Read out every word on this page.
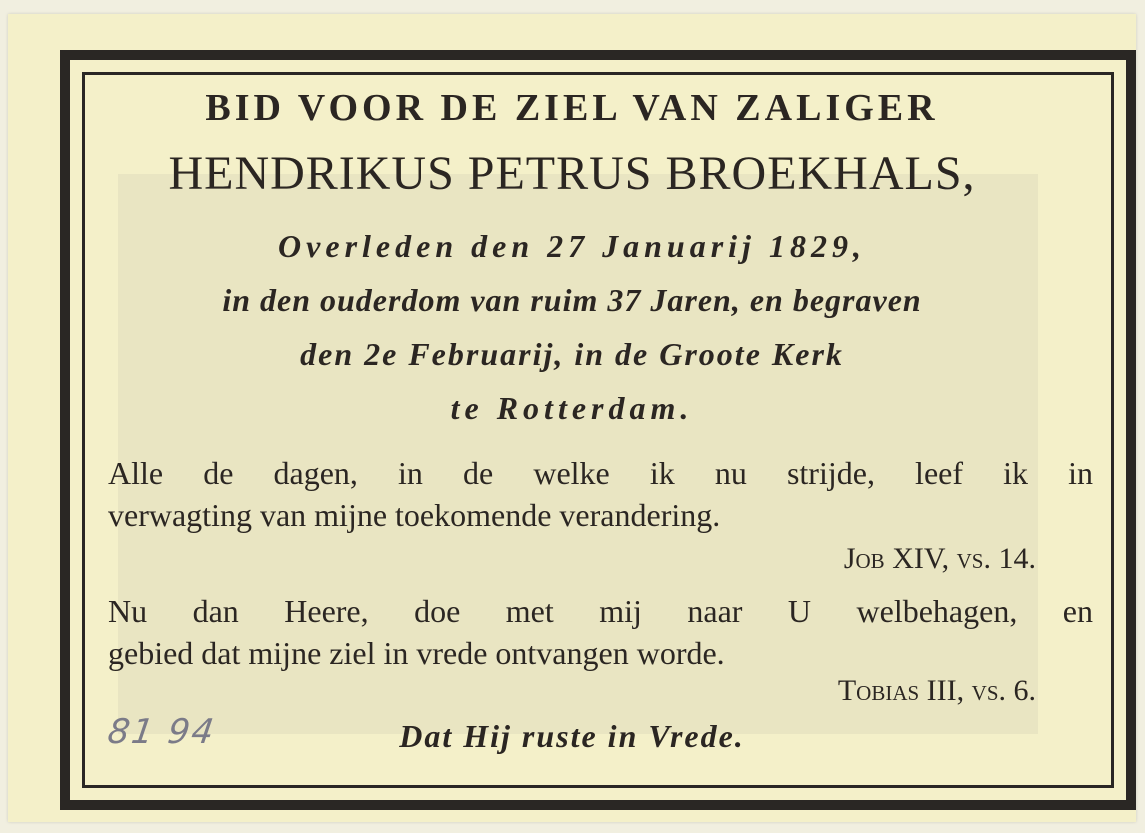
BID VOOR DE ZIEL VAN ZALIGER
HENDRIKUS PETRUS BROEKHALS,
Overleden den 27 Januarij 1829,
in den ouderdom van ruim 37 Jaren, en begraven
den 2e Februarij, in de Groote Kerk
te Rotterdam.
Alle de dagen, in de welke ik nu strijde, leef ik in
verwagting van mijne toekomende verandering.
Job XIV, vs. 14.
Nu dan Heere, doe met mij naar U welbehagen, en
gebied dat mijne ziel in vrede ontvangen worde.
Tobias III, vs. 6.
Dat Hij ruste in Vrede.
81 94
